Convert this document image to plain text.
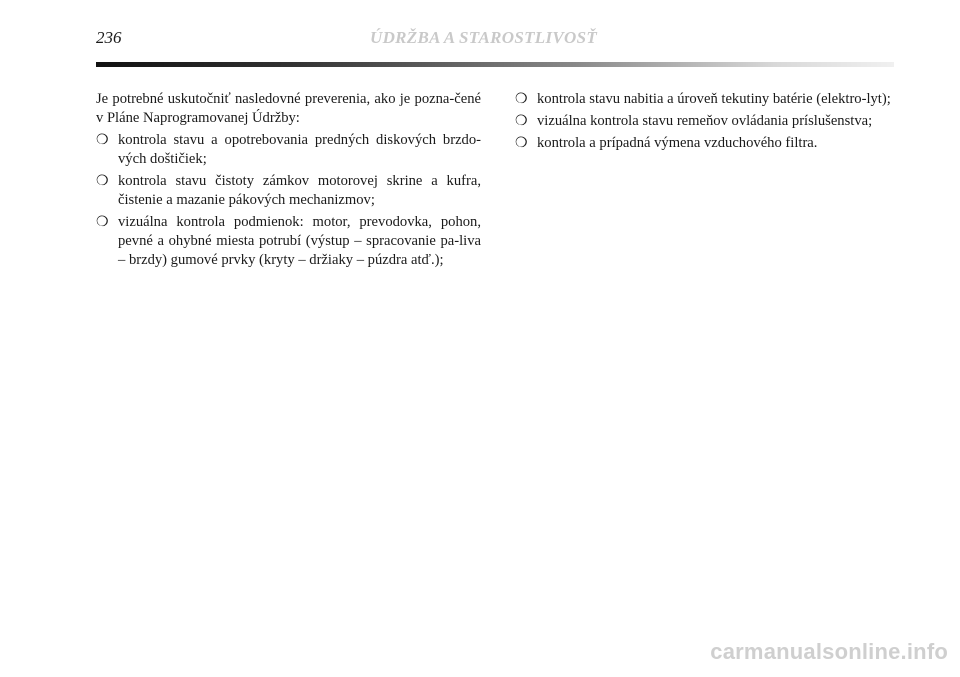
236	ÚDRŽBA A STAROSTLIVOSŤ

Je potrebné uskutočniť nasledovné preverenia, ako je pozna-čené v Pláne Naprogramovanej Údržby:

❍ kontrola stavu a opotrebovania predných diskových brzdo-vých doštičiek;
❍ kontrola stavu čistoty zámkov motorovej skrine a kufra, čistenie a mazanie pákových mechanizmov;
❍ vizuálna kontrola podmienok: motor, prevodovka, pohon, pevné a ohybné miesta potrubí (výstup – spracovanie pa-liva – brzdy) gumové prvky (kryty – držiaky – púzdra atď.);
❍ kontrola stavu nabitia a úroveň tekutiny batérie (elektro-lyt);
❍ vizuálna kontrola stavu remeňov ovládania príslušenstva;
❍ kontrola a prípadná výmena vzduchového filtra.
carmanualsonline.info
